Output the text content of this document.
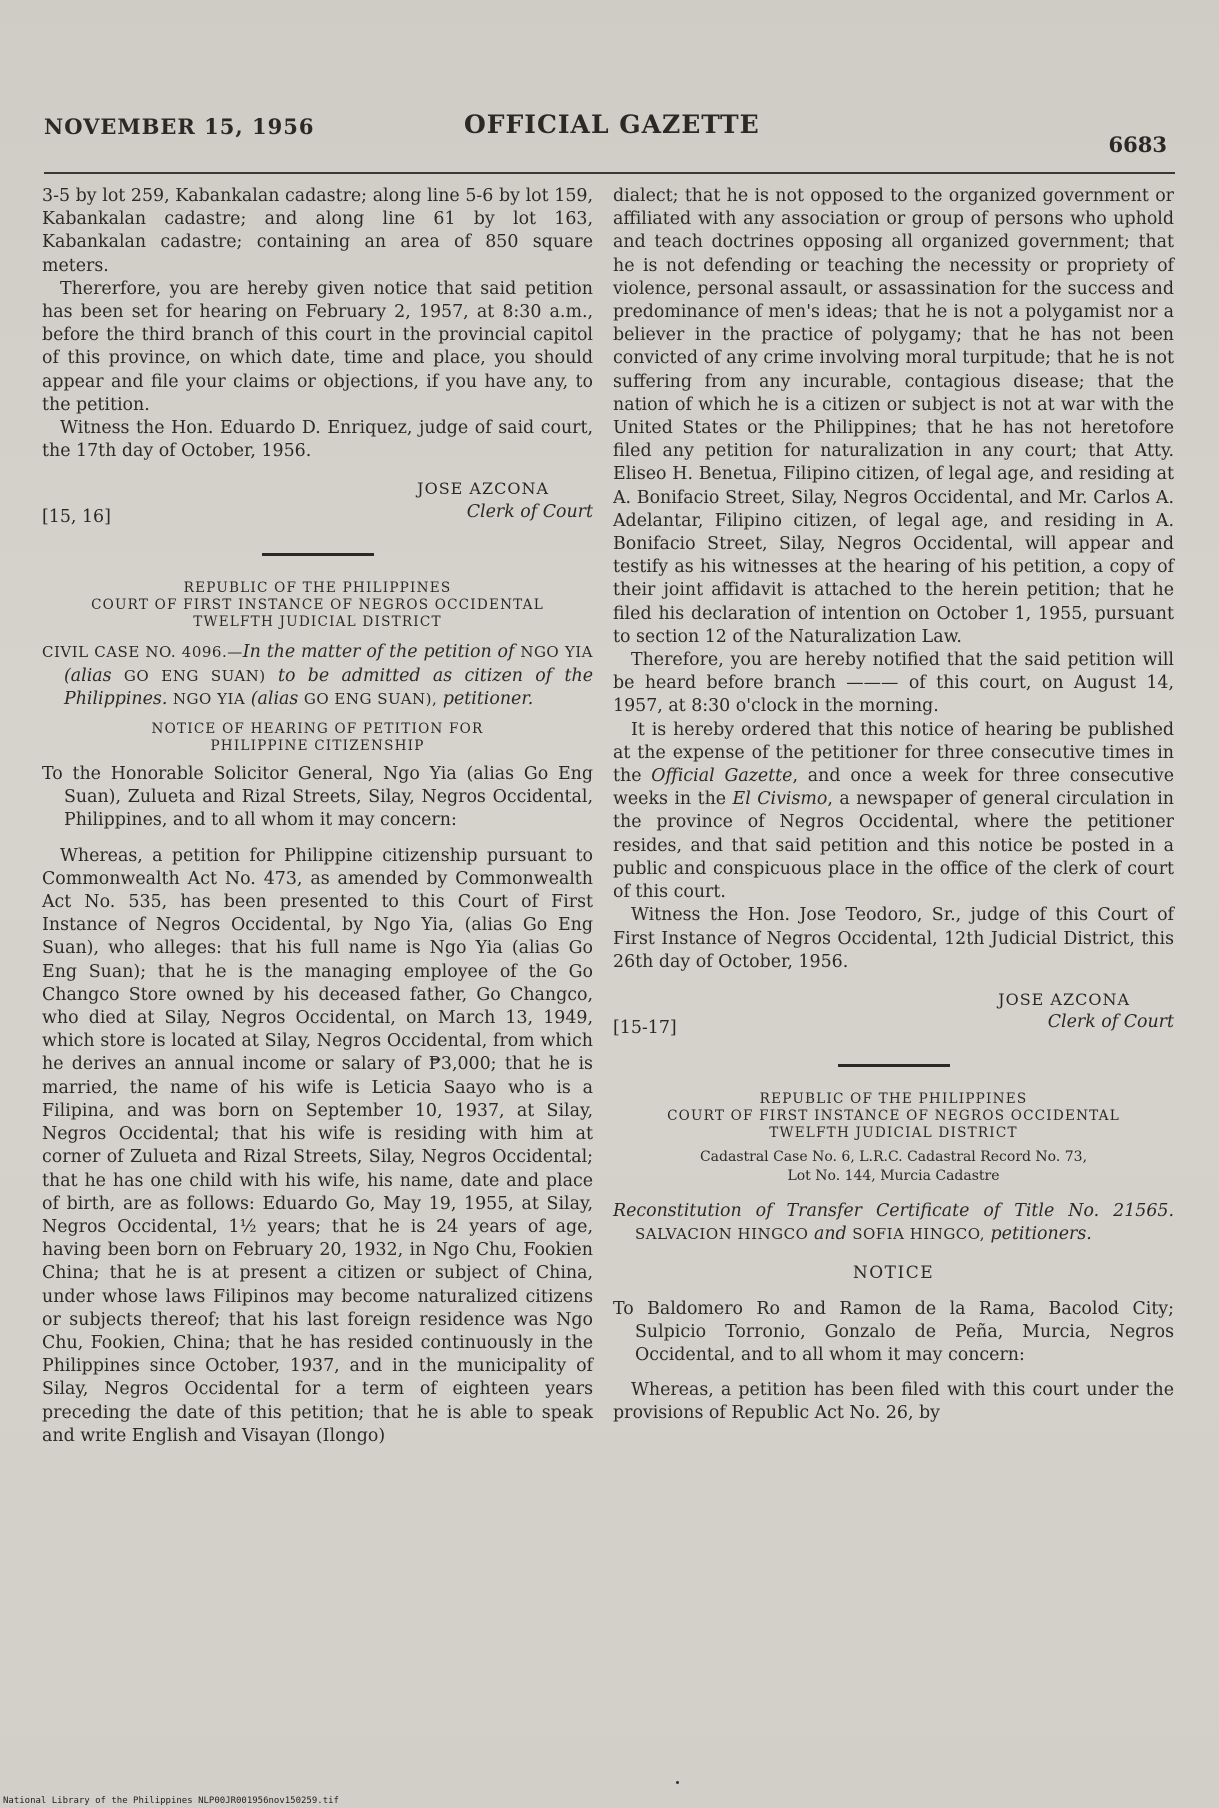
NOVEMBER 15, 1956	OFFICIAL GAZETTE
6683

3-5 by lot 259, Kabankalan cadastre; along line 5-6 by lot 159, Kabankalan cadastre; and along line 61 by lot 163, Kabankalan cadastre; containing an area of 850 square meters.

Thererfore, you are hereby given notice that said petition has been set for hearing on February 2, 1957, at 8:30 a.m., before the third branch of this court in the provincial capitol of this province, on which date, time and place, you should appear and file your claims or objections, if you have any, to the petition.

Witness the Hon. Eduardo D. Enriquez, judge of said court, the 17th day of October, 1956.

[15, 16]
JOSE AZCONA
Clerk of Court
REPUBLIC OF THE PHILIPPINES
COURT OF FIRST INSTANCE OF NEGROS OCCIDENTAL
TWELFTH JUDICIAL DISTRICT

CIVIL CASE NO. 4096.—In the matter of the petition of NGO YIA (alias GO ENG SUAN) to be admitted as citizen of the Philippines. NGO YIA (alias GO ENG SUAN), petitioner.

NOTICE OF HEARING OF PETITION FOR
PHILIPPINE CITIZENSHIP

To the Honorable Solicitor General, Ngo Yia (alias Go Eng Suan), Zulueta and Rizal Streets, Silay, Negros Occidental, Philippines, and to all whom it may concern:

Whereas, a petition for Philippine citizenship pursuant to Commonwealth Act No. 473, as amended by Commonwealth Act No. 535, has been presented to this Court of First Instance of Negros Occidental, by Ngo Yia, (alias Go Eng Suan), who alleges: that his full name is Ngo Yia (alias Go Eng Suan); that he is the managing employee of the Go Changco Store owned by his deceased father, Go Changco, who died at Silay, Negros Occidental, on March 13, 1949, which store is located at Silay, Negros Occidental, from which he derives an annual income or salary of ₱3,000; that he is married, the name of his wife is Leticia Saayo who is a Filipina, and was born on September 10, 1937, at Silay, Negros Occidental; that his wife is residing with him at corner of Zulueta and Rizal Streets, Silay, Negros Occidental; that he has one child with his wife, his name, date and place of birth, are as follows: Eduardo Go, May 19, 1955, at Silay, Negros Occidental, 1½ years; that he is 24 years of age, having been born on February 20, 1932, in Ngo Chu, Fookien China; that he is at present a citizen or subject of China, under whose laws Filipinos may become naturalized citizens or subjects thereof; that his last foreign residence was Ngo Chu, Fookien, China; that he has resided continuously in the Philippines since October, 1937, and in the municipality of Silay, Negros Occidental for a term of eighteen years preceding the date of this petition; that he is able to speak and write English and Visayan (Ilongo)

dialect; that he is not opposed to the organized government or affiliated with any association or group of persons who uphold and teach doctrines opposing all organized government; that he is not defending or teaching the necessity or propriety of violence, personal assault, or assassination for the success and predominance of men's ideas; that he is not a polygamist nor a believer in the practice of polygamy; that he has not been convicted of any crime involving moral turpitude; that he is not suffering from any incurable, contagious disease; that the nation of which he is a citizen or subject is not at war with the United States or the Philippines; that he has not heretofore filed any petition for naturalization in any court; that Atty. Eliseo H. Benetua, Filipino citizen, of legal age, and residing at A. Bonifacio Street, Silay, Negros Occidental, and Mr. Carlos A. Adelantar, Filipino citizen, of legal age, and residing in A. Bonifacio Street, Silay, Negros Occidental, will appear and testify as his witnesses at the hearing of his petition, a copy of their joint affidavit is attached to the herein petition; that he filed his declaration of intention on October 1, 1955, pursuant to section 12 of the Naturalization Law.

Therefore, you are hereby notified that the said petition will be heard before branch ——— of this court, on August 14, 1957, at 8:30 o'clock in the morning.

It is hereby ordered that this notice of hearing be published at the expense of the petitioner for three consecutive times in the Official Gazette, and once a week for three consecutive weeks in the El Civismo, a newspaper of general circulation in the province of Negros Occidental, where the petitioner resides, and that said petition and this notice be posted in a public and conspicuous place in the office of the clerk of court of this court.

Witness the Hon. Jose Teodoro, Sr., judge of this Court of First Instance of Negros Occidental, 12th Judicial District, this 26th day of October, 1956.

[15-17]
JOSE AZCONA
Clerk of Court
REPUBLIC OF THE PHILIPPINES
COURT OF FIRST INSTANCE OF NEGROS OCCIDENTAL
TWELFTH JUDICIAL DISTRICT
Cadastral Case No. 6, L.R.C. Cadastral Record No. 73,
Lot No. 144, Murcia Cadastre

Reconstitution of Transfer Certificate of Title No. 21565. SALVACION HINGCO and SOFIA HINGCO, petitioners.

NOTICE

To Baldomero Ro and Ramon de la Rama, Bacolod City; Sulpicio Torronio, Gonzalo de Peña, Murcia, Negros Occidental, and to all whom it may concern:

Whereas, a petition has been filed with this court under the provisions of Republic Act No. 26, by

National Library of the Philippines NLP00JR001956nov150259.tif
